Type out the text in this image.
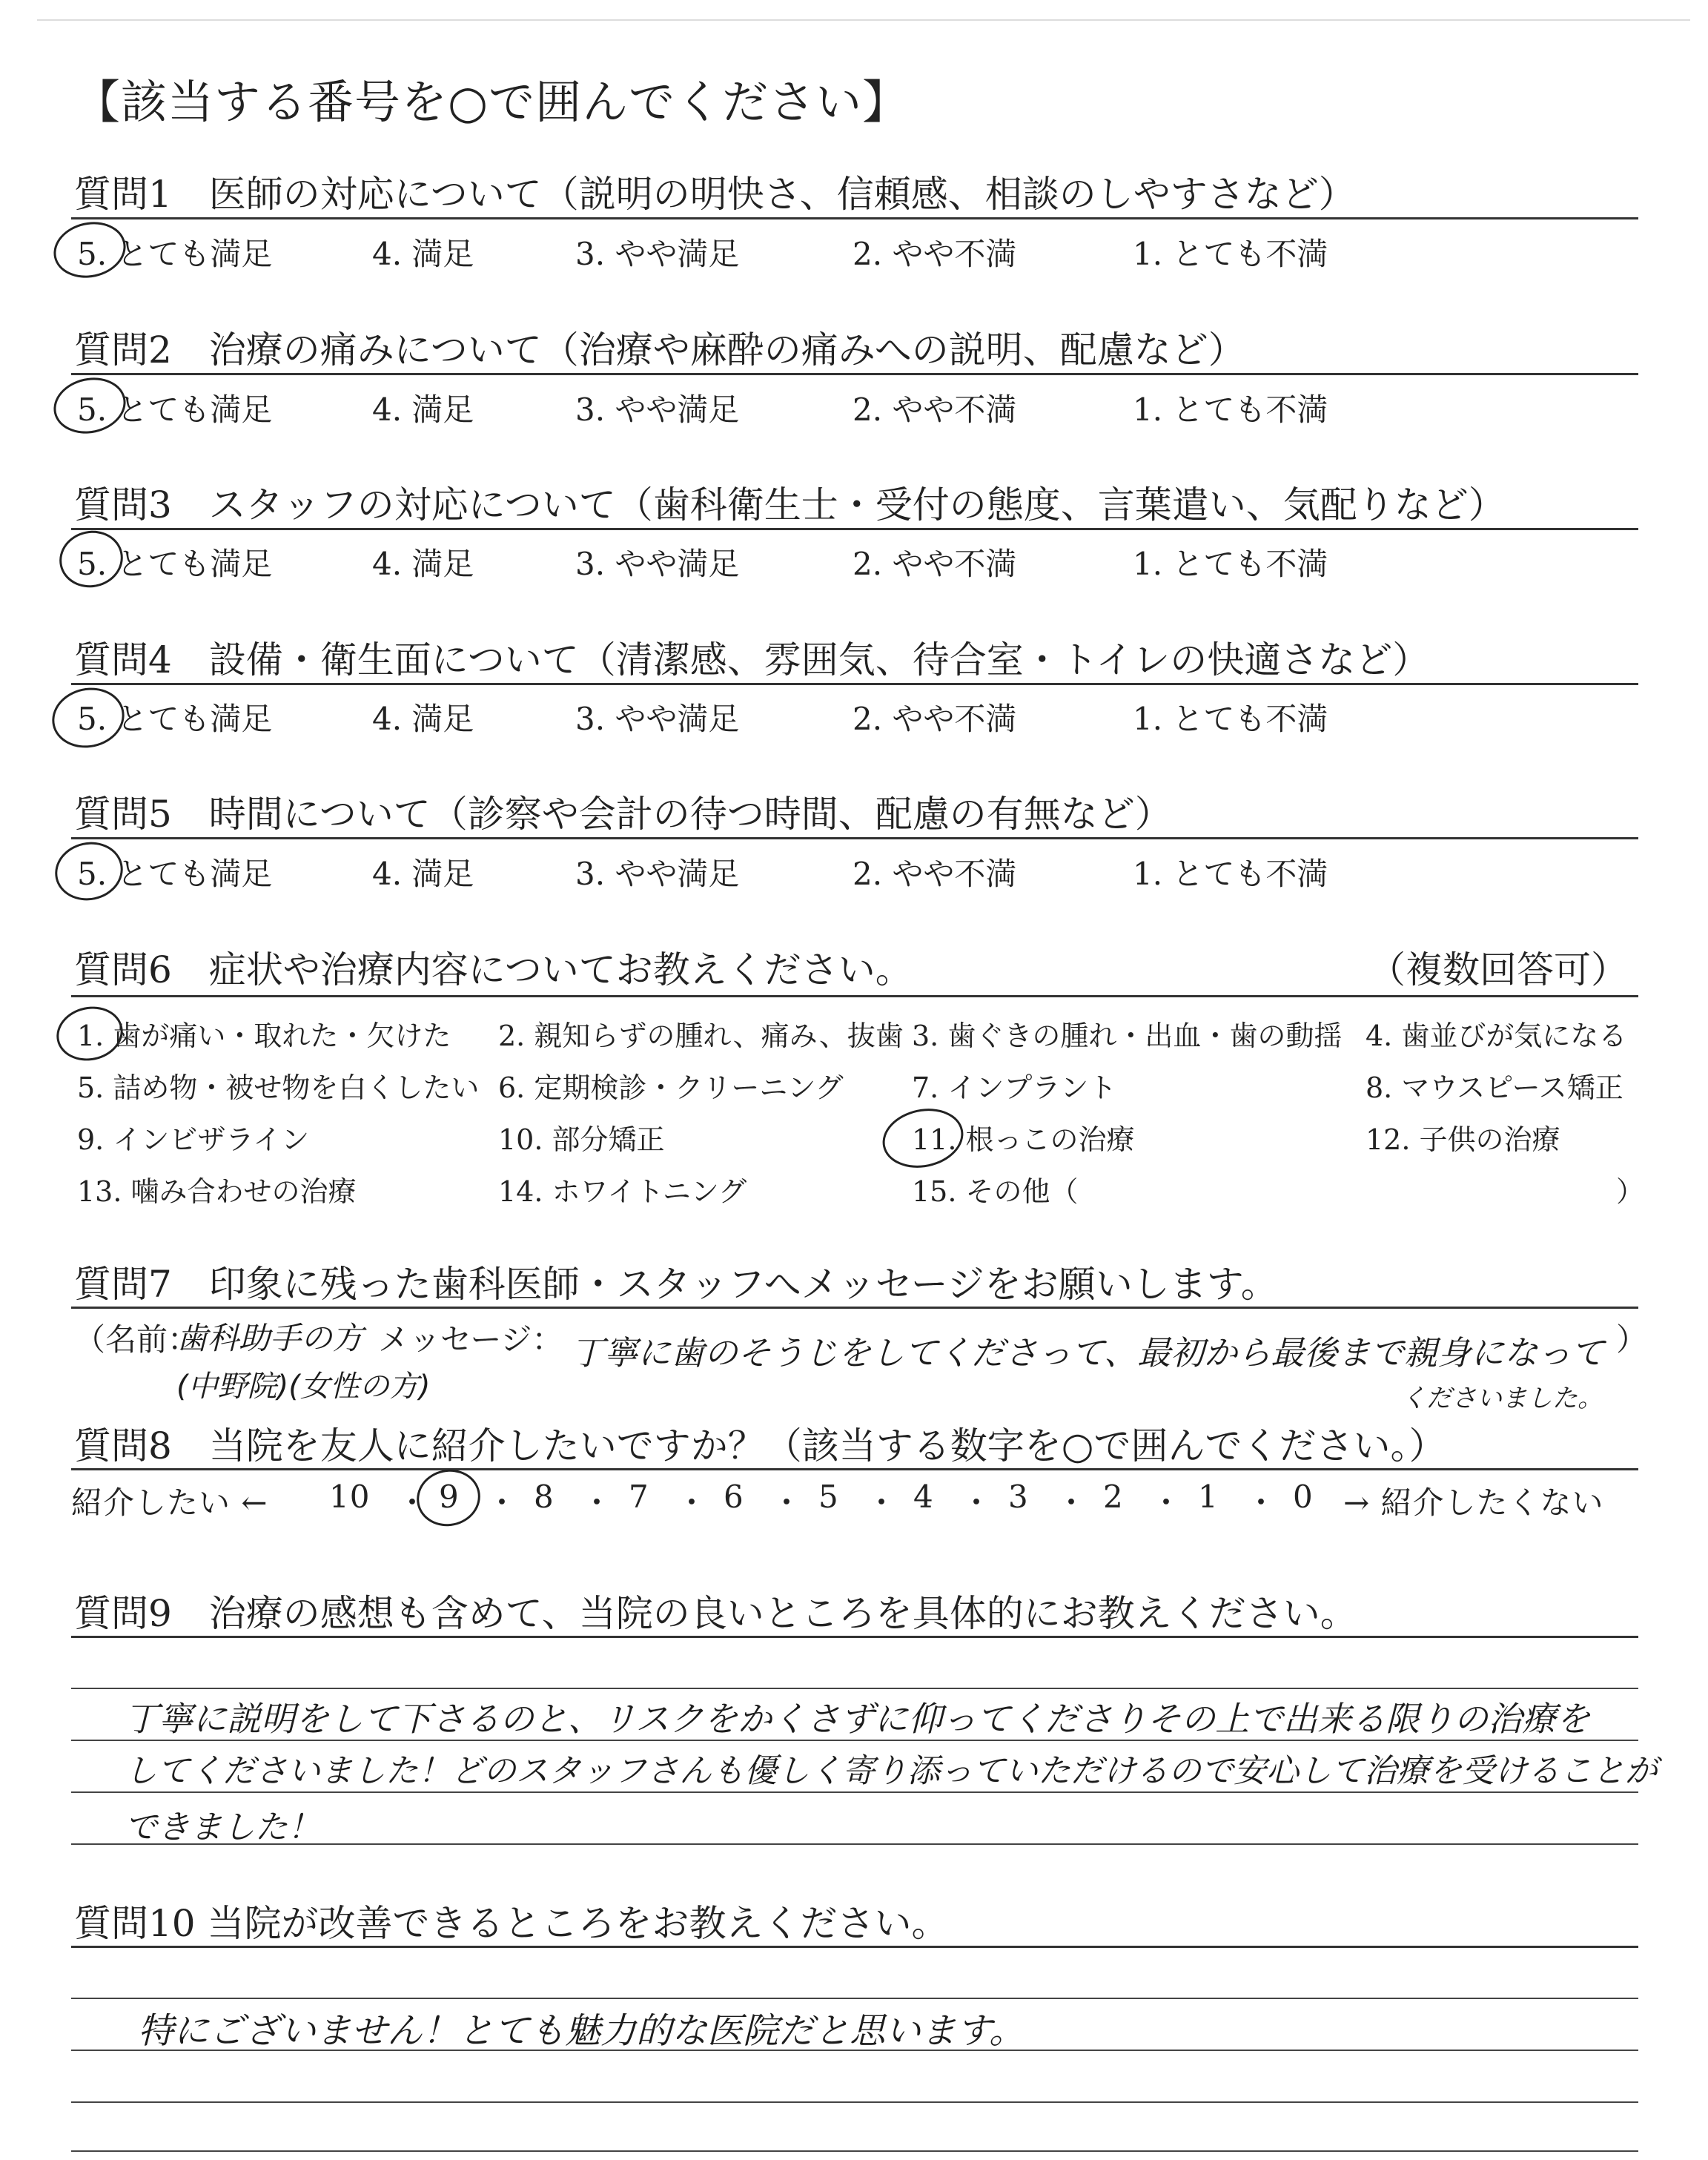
【該当する番号を○で囲んでください】
質問1　医師の対応について（説明の明快さ、信頼感、相談のしやすさなど）
5. とても満足	4. 満足	3. やや満足	2. やや不満	1. とても不満
質問2　治療の痛みについて（治療や麻酔の痛みへの説明、配慮など）
5. とても満足	4. 満足	3. やや満足	2. やや不満	1. とても不満
質問3　スタッフの対応について（歯科衛生士・受付の態度、言葉遣い、気配りなど）
5. とても満足	4. 満足	3. やや満足	2. やや不満	1. とても不満
質問4　設備・衛生面について（清潔感、雰囲気、待合室・トイレの快適さなど）
5. とても満足	4. 満足	3. やや満足	2. やや不満	1. とても不満
質問5　時間について（診察や会計の待つ時間、配慮の有無など）
5. とても満足	4. 満足	3. やや満足	2. やや不満	1. とても不満
質問6　症状や治療内容についてお教えください。	（複数回答可）
1. 歯が痛い・取れた・欠けた 2. 親知らずの腫れ、痛み、抜歯 3. 歯ぐきの腫れ・出血・歯の動揺 4. 歯並びが気になる
5. 詰め物・被せ物を白くしたい 6. 定期検診・クリーニング 7. インプラント	8. マウスピース矯正
9. インビザライン	10. 部分矯正	11. 根っこの治療	12. 子供の治療
13. 噛み合わせの治療	14. ホワイトニング	15. その他（	）
質問7　印象に残った歯科医師・スタッフへメッセージをお願いします。
（名前：	メッセージ：	）
歯科助手の方
(中野院)(女性の方)
丁寧に歯のそうじをしてくださって、最初から最後まで親身になって
くださいました。
質問8　当院を友人に紹介したいですか？（該当する数字を○で囲んでください。）
紹介したい ←	→ 紹介したくない
10 ・ 9 ・ 8 ・ 7 ・ 6 ・ 5 ・ 4 ・ 3 ・ 2 ・ 1 ・ 0
質問9　治療の感想も含めて、当院の良いところを具体的にお教えください。
丁寧に説明をして下さるのと、リスクをかくさずに仰ってくださりその上で出来る限りの治療を
してくださいました！どのスタッフさんも優しく寄り添っていただけるので安心して治療を受けることが
できました！
質問10 当院が改善できるところをお教えください。
特にございません！とても魅力的な医院だと思います。
